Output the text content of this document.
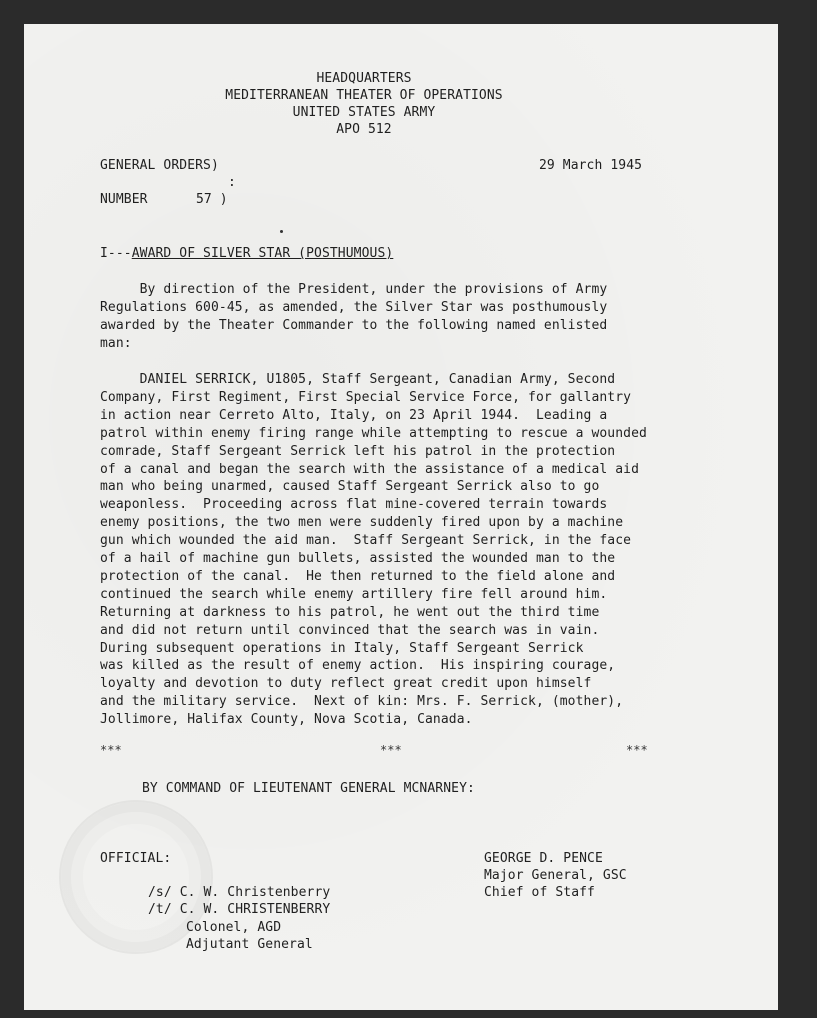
HEADQUARTERS
MEDITERRANEAN THEATER OF OPERATIONS
UNITED STATES ARMY
APO 512
GENERAL ORDERS)	29 March 1945
:
NUMBER	57 )
I---AWARD OF SILVER STAR (POSTHUMOUS)
By direction of the President, under the provisions of Army
Regulations 600-45, as amended, the Silver Star was posthumously
awarded by the Theater Commander to the following named enlisted
man:
DANIEL SERRICK, U1805, Staff Sergeant, Canadian Army, Second
Company, First Regiment, First Special Service Force, for gallantry
in action near Cerreto Alto, Italy, on 23 April 1944.  Leading a
patrol within enemy firing range while attempting to rescue a wounded
comrade, Staff Sergeant Serrick left his patrol in the protection
of a canal and began the search with the assistance of a medical aid
man who being unarmed, caused Staff Sergeant Serrick also to go
weaponless.  Proceeding across flat mine-covered terrain towards
enemy positions, the two men were suddenly fired upon by a machine
gun which wounded the aid man.  Staff Sergeant Serrick, in the face
of a hail of machine gun bullets, assisted the wounded man to the
protection of the canal.  He then returned to the field alone and
continued the search while enemy artillery fire fell around him.
Returning at darkness to his patrol, he went out the third time
and did not return until convinced that the search was in vain.
During subsequent operations in Italy, Staff Sergeant Serrick
was killed as the result of enemy action.  His inspiring courage,
loyalty and devotion to duty reflect great credit upon himself
and the military service.  Next of kin: Mrs. F. Serrick, (mother),
Jollimore, Halifax County, Nova Scotia, Canada.
***	***	***
BY COMMAND OF LIEUTENANT GENERAL MCNARNEY:
GEORGE D. PENCE
Major General, GSC
Chief of Staff
OFFICIAL:
/s/ C. W. Christenberry
/t/ C. W. CHRISTENBERRY
Colonel, AGD
Adjutant General
